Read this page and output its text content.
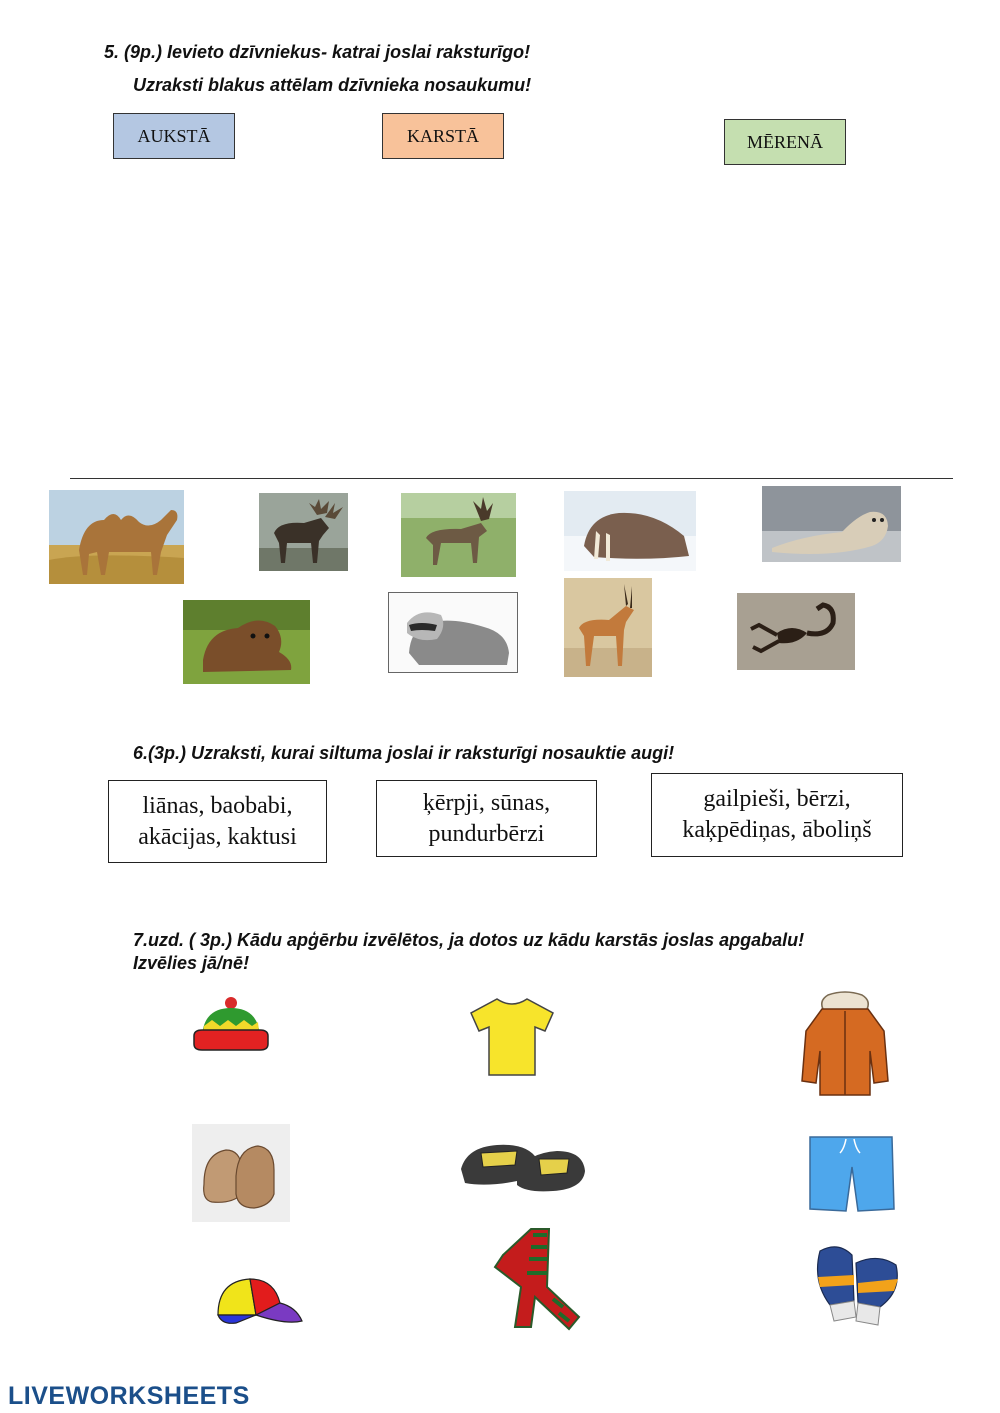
5. (9p.) Ievieto dzīvniekus- katrai joslai raksturīgo!
Uzraksti blakus attēlam dzīvnieka nosaukumu!
AUKSTĀ	KARSTĀ	MĒRENĀ
6.(3p.) Uzraksti, kurai siltuma joslai ir raksturīgi nosauktie augi!
liānas, baobabi,
akācijas, kaktusi
ķērpji, sūnas,
pundurbērzi
gailpieši, bērzi,
kaķpēdiņas, āboliņš
7.uzd. ( 3p.) Kādu apģērbu izvēlētos, ja dotos uz kādu karstās joslas apgabalu!
Izvēlies jā/nē!
LIVEWORKSHEETS
